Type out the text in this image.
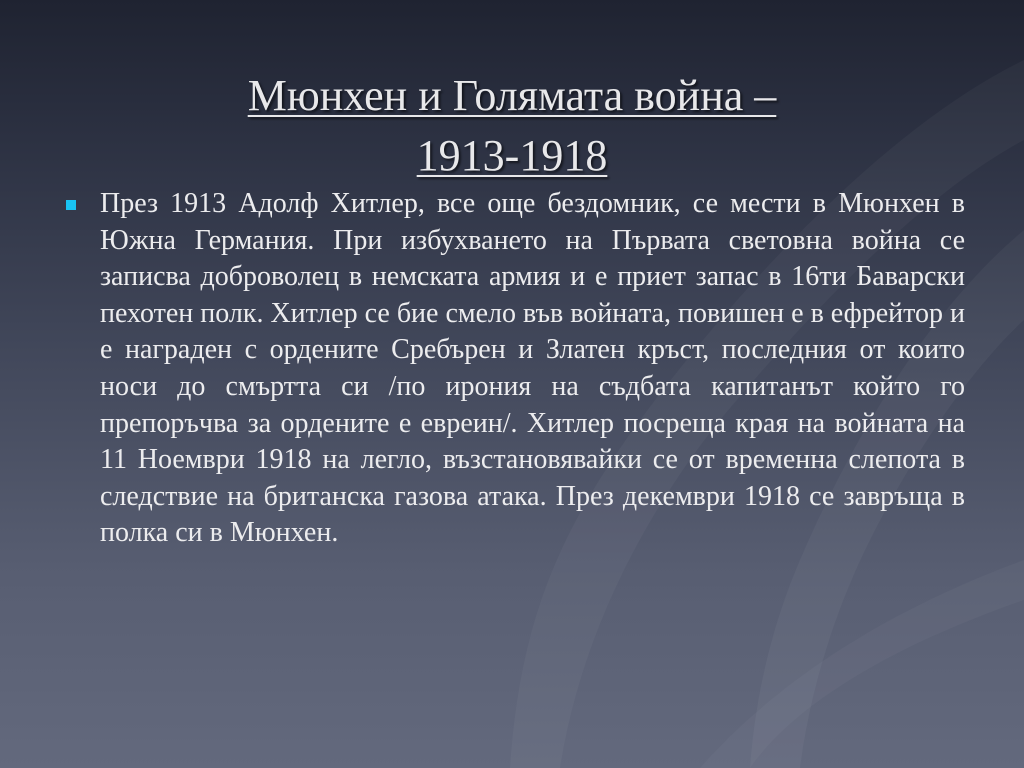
Мюнхен и Голямата война –
1913-1918

През 1913 Адолф Хитлер, все още бездомник, се мести в Мюнхен в Южна Германия. При избухването на Първата световна война се записва доброволец в немската армия и е приет запас в 16ти Баварски пехотен полк. Хитлер се бие смело във войната, повишен е в ефрейтор и е награден с ордените Сребърен и Златен кръст, последния от които носи до смъртта си /по ирония на съдбата капитанът който го препоръчва за ордените е евреин/. Хитлер посреща края на войната на 11 Ноември 1918 на легло, възстановявайки се от временна слепота в следствие на британска газова атака. През декември 1918 се завръща в полка си в Мюнхен.
